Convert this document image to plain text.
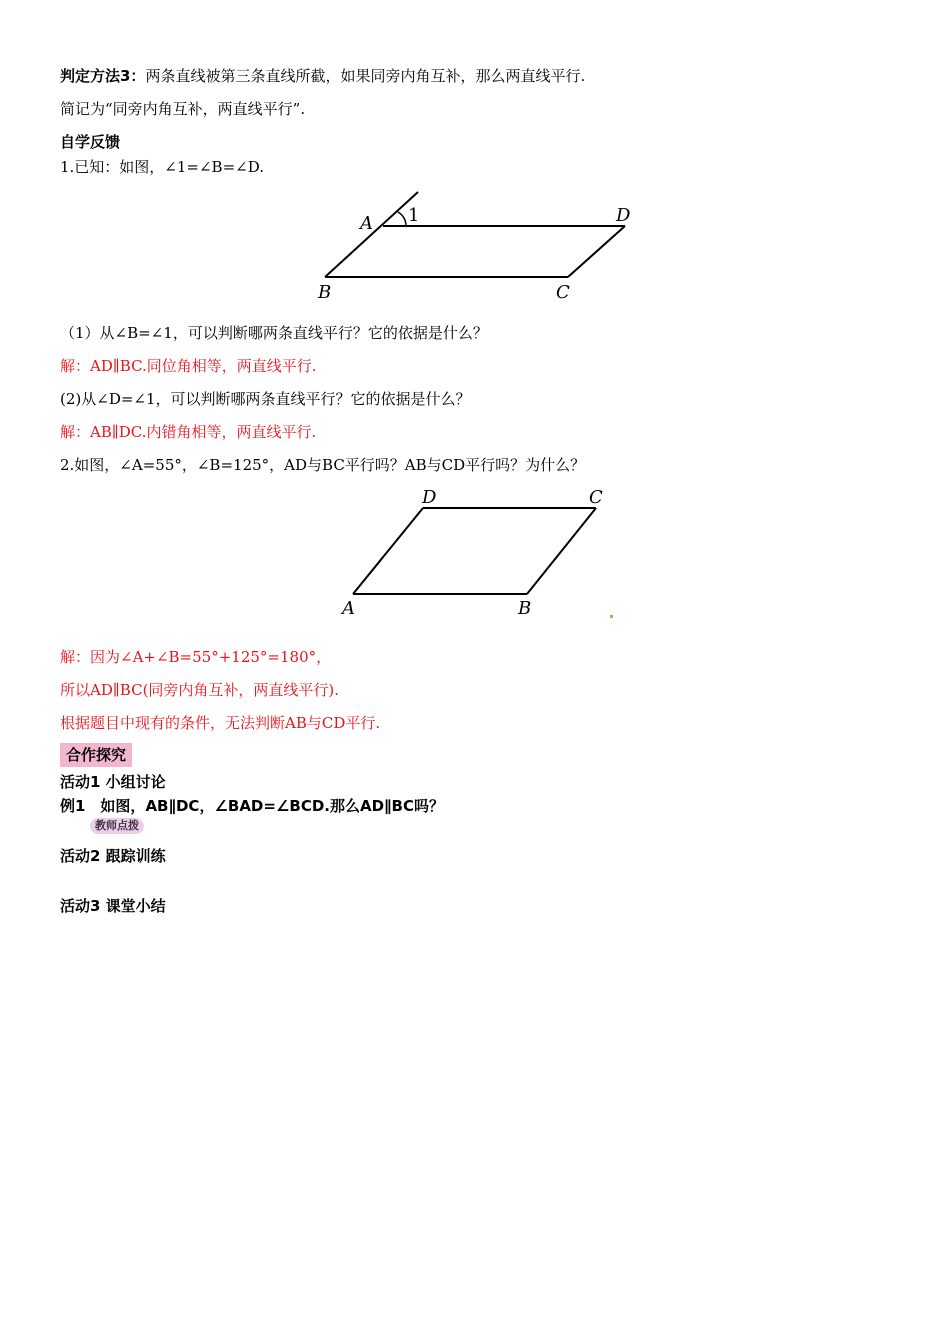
判定方法3：两条直线被第三条直线所截，如果同旁内角互补，那么两直线平行.
简记为“同旁内角互补，两直线平行”.
自学反馈
1.已知：如图，∠1=∠B=∠D.
A 1	D
B	C
（1）从∠B=∠1，可以判断哪两条直线平行？它的依据是什么？
解：AD∥BC.同位角相等，两直线平行.
(2)从∠D=∠1，可以判断哪两条直线平行？它的依据是什么？
解：AB∥DC.内错角相等，两直线平行.
2.如图，∠A=55°，∠B=125°，AD与BC平行吗？AB与CD平行吗？为什么？
D	C
A	B
解：因为∠A+∠B=55°+125°=180°，
所以AD∥BC(同旁内角互补，两直线平行).
根据题目中现有的条件，无法判断AB与CD平行.
合作探究
活动1 小组讨论
例1　如图，AB∥DC，∠BAD=∠BCD.那么AD∥BC吗？
教师点拨
活动2 跟踪训练
活动3 课堂小结
